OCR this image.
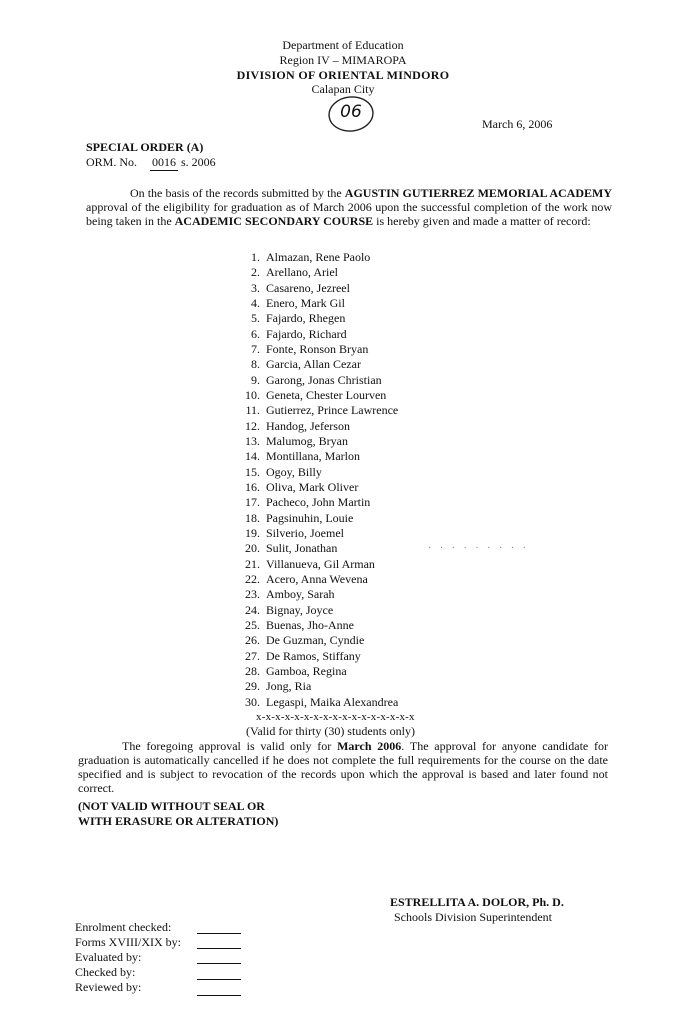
Department of Education
Region IV – MIMAROPA
DIVISION OF ORIENTAL MINDORO
Calapan City
06
March 6, 2006
SPECIAL ORDER (A)
ORM. No. 0016 s. 2006
On the basis of the records submitted by the AGUSTIN GUTIERREZ MEMORIAL ACADEMY approval of the eligibility for graduation as of March 2006 upon the successful completion of the work now being taken in the ACADEMIC SECONDARY COURSE is hereby given and made a matter of record:
1. Almazan, Rene Paolo
2. Arellano, Ariel
3. Casareno, Jezreel
4. Enero, Mark Gil
5. Fajardo, Rhegen
6. Fajardo, Richard
7. Fonte, Ronson Bryan
8. Garcia, Allan Cezar
9. Garong, Jonas Christian
10. Geneta, Chester Lourven
11. Gutierrez, Prince Lawrence
12. Handog, Jeferson
13. Malumog, Bryan
14. Montillana, Marlon
15. Ogoy, Billy
16. Oliva, Mark Oliver
17. Pacheco, John Martin
18. Pagsinuhin, Louie
19. Silverio, Joemel
20. Sulit, Jonathan
21. Villanueva, Gil Arman
22. Acero, Anna Wevena
23. Amboy, Sarah
24. Bignay, Joyce
25. Buenas, Jho-Anne
26. De Guzman, Cyndie
27. De Ramos, Stiffany
28. Gamboa, Regina
29. Jong, Ria
30. Legaspi, Maika Alexandrea
· · · · · · · · ·
x-x-x-x-x-x-x-x-x-x-x-x-x-x-x-x-x
(Valid for thirty (30) students only)
The foregoing approval is valid only for March 2006. The approval for anyone candidate for graduation is automatically cancelled if he does not complete the full requirements for the course on the date specified and is subject to revocation of the records upon which the approval is based and later found not correct.
(NOT VALID WITHOUT SEAL OR
WITH ERASURE OR ALTERATION)
ESTRELLITA A. DOLOR, Ph. D.
Schools Division Superintendent
Enrolment checked:
Forms XVIII/XIX by:
Evaluated by:
Checked by:
Reviewed by:
